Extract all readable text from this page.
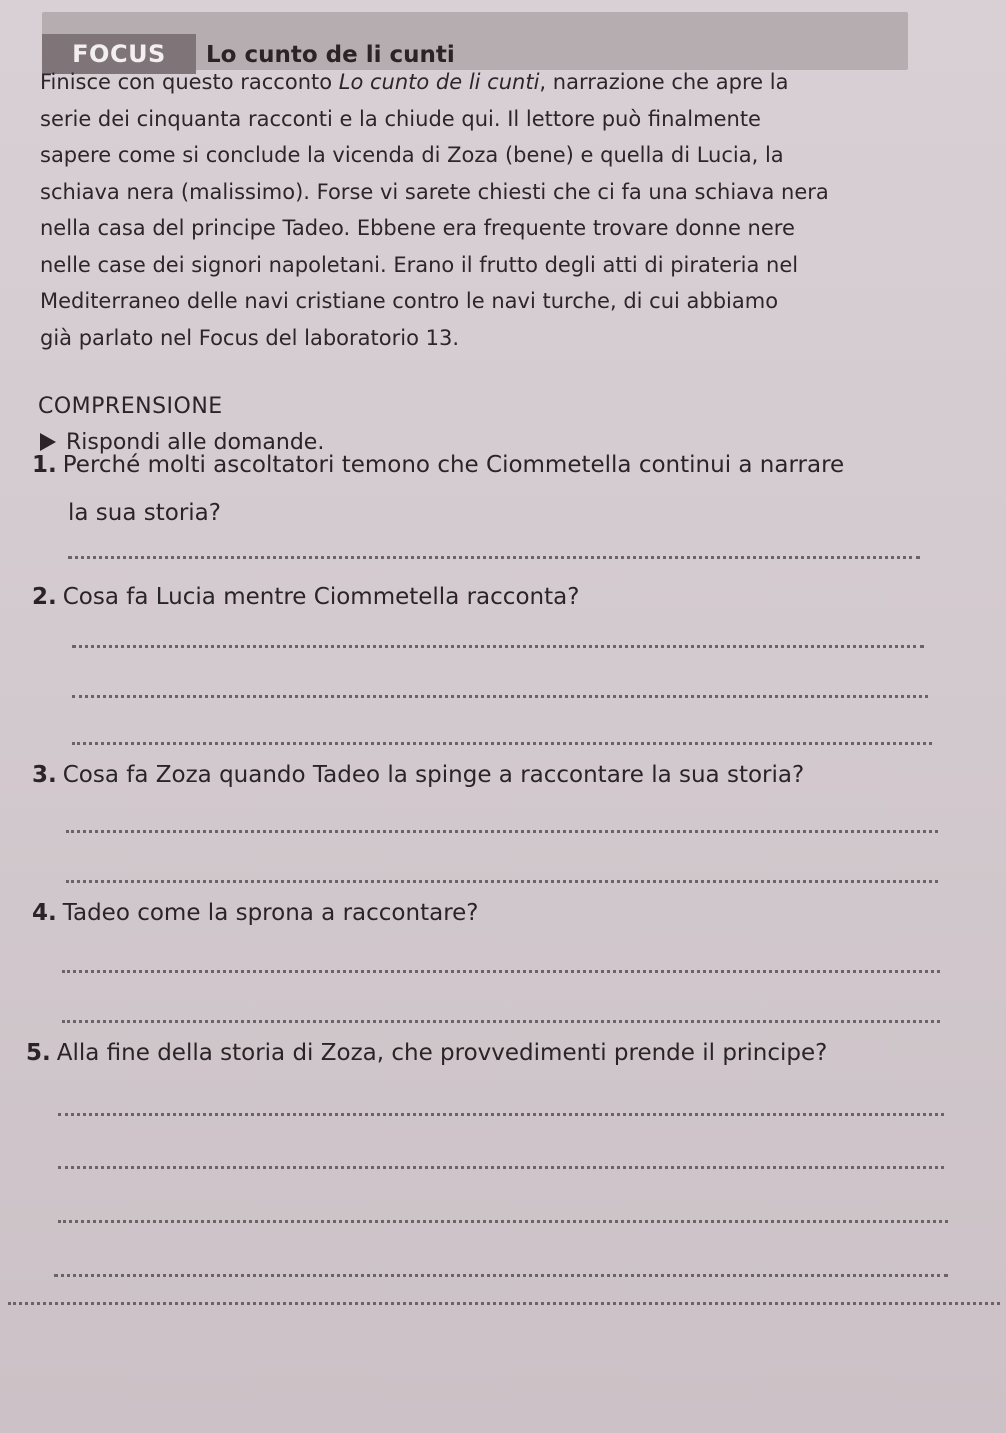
FOCUS	Lo cunto de li cunti
Finisce con questo racconto Lo cunto de li cunti, narrazione che apre la
serie dei cinquanta racconti e la chiude qui. Il lettore può finalmente
sapere come si conclude la vicenda di Zoza (bene) e quella di Lucia, la
schiava nera (malissimo). Forse vi sarete chiesti che ci fa una schiava nera
nella casa del principe Tadeo. Ebbene era frequente trovare donne nere
nelle case dei signori napoletani. Erano il frutto degli atti di pirateria nel
Mediterraneo delle navi cristiane contro le navi turche, di cui abbiamo
già parlato nel Focus del laboratorio 13.
COMPRENSIONE
Rispondi alle domande.
1. Perché molti ascoltatori temono che Ciommetella continui a narrare
la sua storia?
2. Cosa fa Lucia mentre Ciommetella racconta?
3. Cosa fa Zoza quando Tadeo la spinge a raccontare la sua storia?
4. Tadeo come la sprona a raccontare?
5. Alla fine della storia di Zoza, che provvedimenti prende il principe?
